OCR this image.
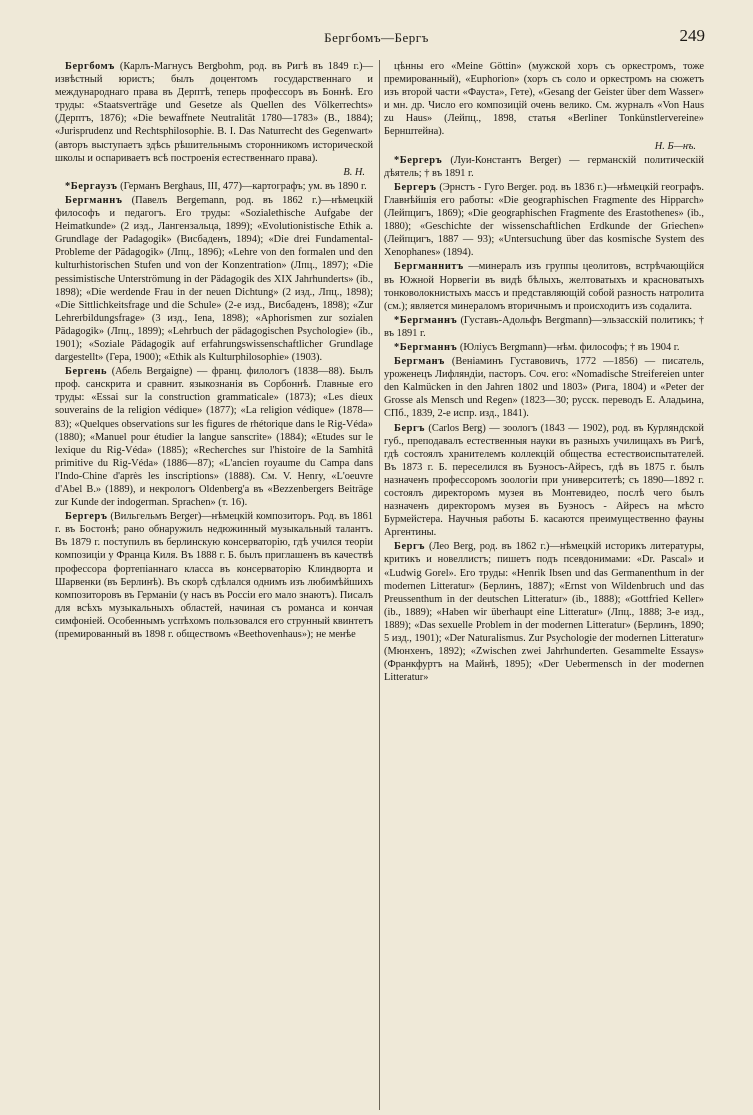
Бергбомъ—Бергъ	249

Бергбомъ (Карлъ-Магнусъ Bergbohm, род. въ Ригѣ въ 1849 г.)—извѣстный юристъ; былъ доцентомъ государственнаго и международнаго права въ Дерптѣ, теперь профессоръ въ Боннѣ. Его труды: «Staatsverträge und Gesetze als Quellen des Völkerrechts» (Дерптъ, 1876); «Die bewaffnete Neutralität 1780—1783» (В., 1884); «Jurisprudenz und Rechtsphilosophie. B. I. Das Naturrecht des Gegenwart» (авторъ выступаетъ здѣсь рѣшительнымъ сторонникомъ исторической школы и оспариваетъ всѣ построенія естественнаго права).

В. Н.

*Бергаузъ (Германъ Berghaus, III, 477)—картографъ; ум. въ 1890 г.

Бергманнъ (Павелъ Bergemann, род. въ 1862 г.)—нѣмецкій философъ и педагогъ. Его труды: «Sozialethische Aufgabe der Heimatkunde» (2 изд., Лангензальца, 1899); «Evolutionistische Ethik a. Grundlage der Padagogik» (Висбаденъ, 1894); «Die drei Fundamental-Probleme der Pädagogik» (Лпц., 1896); «Lehre von den formalen und den kulturhistorischen Stufen und von der Konzentration» (Лпц., 1897); «Die pessimistische Unterströmung in der Pädagogik des XIX Jahrhunderts» (ib., 1898); «Die werdende Frau in der neuen Dichtung» (2 изд., Лпц., 1898); «Die Sittlichkeitsfrage und die Schule» (2-е изд., Висбаденъ, 1898); «Zur Lehrerbildungsfrage» (3 изд., Iena, 1898); «Aphorismen zur sozialen Pädagogik» (Лпц., 1899); «Lehrbuch der pädagogischen Psychologie» (ib., 1901); «Soziale Pädagogik auf erfahrungswissenschaftlicher Grundlage dargestellt» (Гера, 1900); «Ethik als Kulturphilosophie» (1903).

Бергень (Абель Bergaigne) — франц. филологъ (1838—88). Былъ проф. санскрита и сравнит. языкознанія въ Сорбоннѣ. Главные его труды: «Essai sur la construction grammaticale» (1873); «Les dieux souverains de la religion védique» (1877); «La religion védique» (1878—83); «Quelques observations sur les figures de rhétorique dans le Rig-Véda» (1880); «Manuel pour étudier la langue sanscrite» (1884); «Etudes sur le lexique du Rig-Véda» (1885); «Recherches sur l'histoire de la Samhitâ primitive du Rig-Véda» (1886—87); «L'ancien royaume du Campa dans l'Indo-Chine d'après les inscriptions» (1888). См. V. Henry, «L'oeuvre d'Abel B.» (1889), и некрологъ Oldenberg'a въ «Bezzenbergers Beiträge zur Kunde der indogerman. Sprachen» (т. 16).

Бергеръ (Вильгельмъ Berger)—нѣмецкій композиторъ. Род. въ 1861 г. въ Бостонѣ; рано обнаружилъ недюжинный музыкальный талантъ. Въ 1879 г. поступилъ въ берлинскую консерваторію, гдѣ учился теоріи композиціи у Франца Киля. Въ 1888 г. Б. былъ приглашенъ въ качествѣ профессора фортепіаннаго класса въ консерваторію Клиндворта и Шарвенки (въ Берлинѣ). Въ скорѣ сдѣлался однимъ изъ любимѣйшихъ композиторовъ въ Германіи (у насъ въ Россіи его мало знаютъ). Писалъ для всѣхъ музыкальныхъ областей, начиная съ романса и кончая симфоніей. Особеннымъ успѣхомъ пользовался его струнный квинтетъ (премированный въ 1898 г. обществомъ «Beethovenhaus»); не менѣе

цѣнны его «Meine Göttin» (мужской хоръ съ оркестромъ, тоже премированный), «Euphorion» (хоръ съ соло и оркестромъ на сюжетъ изъ второй части «Фауста», Гете), «Gesang der Geister über dem Wasser» и мн. др. Число его композицій очень велико. См. журналъ «Von Haus zu Haus» (Лейпц., 1898, статья «Berliner Tonkünstlervereine» Бернштейна).

Н. Б—нъ.

*Бергеръ (Луи-Константъ Berger) — германскій политическій дѣятель; † въ 1891 г.

Бергеръ (Эрнстъ - Гуго Berger. род. въ 1836 г.)—нѣмецкій географъ. Главнѣйшія его работы: «Die geographischen Fragmente des Hipparch» (Лейпцигъ, 1869); «Die geographischen Fragmente des Erastothenes» (ib., 1880); «Geschichte der wissenschaftlichen Erdkunde der Griechen» (Лейпцигъ, 1887 — 93); «Untersuchung über das kosmische System des Xenophanes» (1894).

Бергманнитъ —минералъ изъ группы цеолитовъ, встрѣчающійся въ Южной Норвегіи въ видѣ бѣлыхъ, желтоватыхъ и красноватыхъ тонковолокнистыхъ массъ и представляющій собой разность натролита (см.); является минераломъ вторичнымъ и происходитъ изъ содалита.

*Бергманнъ (Густавъ-Адольфъ Bergmann)—эльзасскій политикъ; † въ 1891 г.

*Бергманнъ (Юліусъ Bergmann)—нѣм. философъ; † въ 1904 г.

Бергманъ (Веніаминъ Густавовичъ, 1772 —1856) — писатель, уроженецъ Лифляндіи, пасторъ. Соч. его: «Nomadische Streifereien unter den Kalmücken in den Jahren 1802 und 1803» (Рига, 1804) и «Peter der Grosse als Mensch und Regen» (1823—30; русск. переводъ Е. Аладьина, СПб., 1839, 2-е испр. изд., 1841).

Бергъ (Carlos Berg) — зоологъ (1843 — 1902), род. въ Курляндской губ., преподавалъ естественныя науки въ разныхъ училищахъ въ Ригѣ, гдѣ состоялъ хранителемъ коллекцій общества естествоиспытателей. Въ 1873 г. Б. переселился въ Буэносъ-Айресъ, гдѣ въ 1875 г. былъ назначенъ профессоромъ зоологіи при университетѣ; съ 1890—1892 г. состоялъ директоромъ музея въ Монтевидео, послѣ чего былъ назначенъ директоромъ музея въ Буэносъ - Айресъ на мѣсто Бурмейстера. Научныя работы Б. касаются преимущественно фауны Аргентины.

Бергъ (Лео Berg, род. въ 1862 г.)—нѣмецкій историкъ литературы, критикъ и новеллистъ; пишетъ подъ псевдонимами: «Dr. Pascal» и «Ludwig Gorel». Его труды: «Henrik Ibsen und das Germanenthum in der modernen Litteratur» (Берлинъ, 1887); «Ernst von Wildenbruch und das Preussenthum in der deutschen Litteratur» (ib., 1888); «Gottfried Keller» (ib., 1889); «Haben wir überhaupt eine Litteratur» (Лпц., 1888; 3-е изд., 1889); «Das sexuelle Problem in der modernen Litteratur» (Берлинъ, 1890; 5 изд., 1901); «Der Naturalismus. Zur Psychologie der modernen Litteratur» (Мюнхенъ, 1892); «Zwischen zwei Jahrhunderten. Gesammelte Essays» (Франкфуртъ на Майнѣ, 1895); «Der Uebermensch in der modernen Litteratur»
